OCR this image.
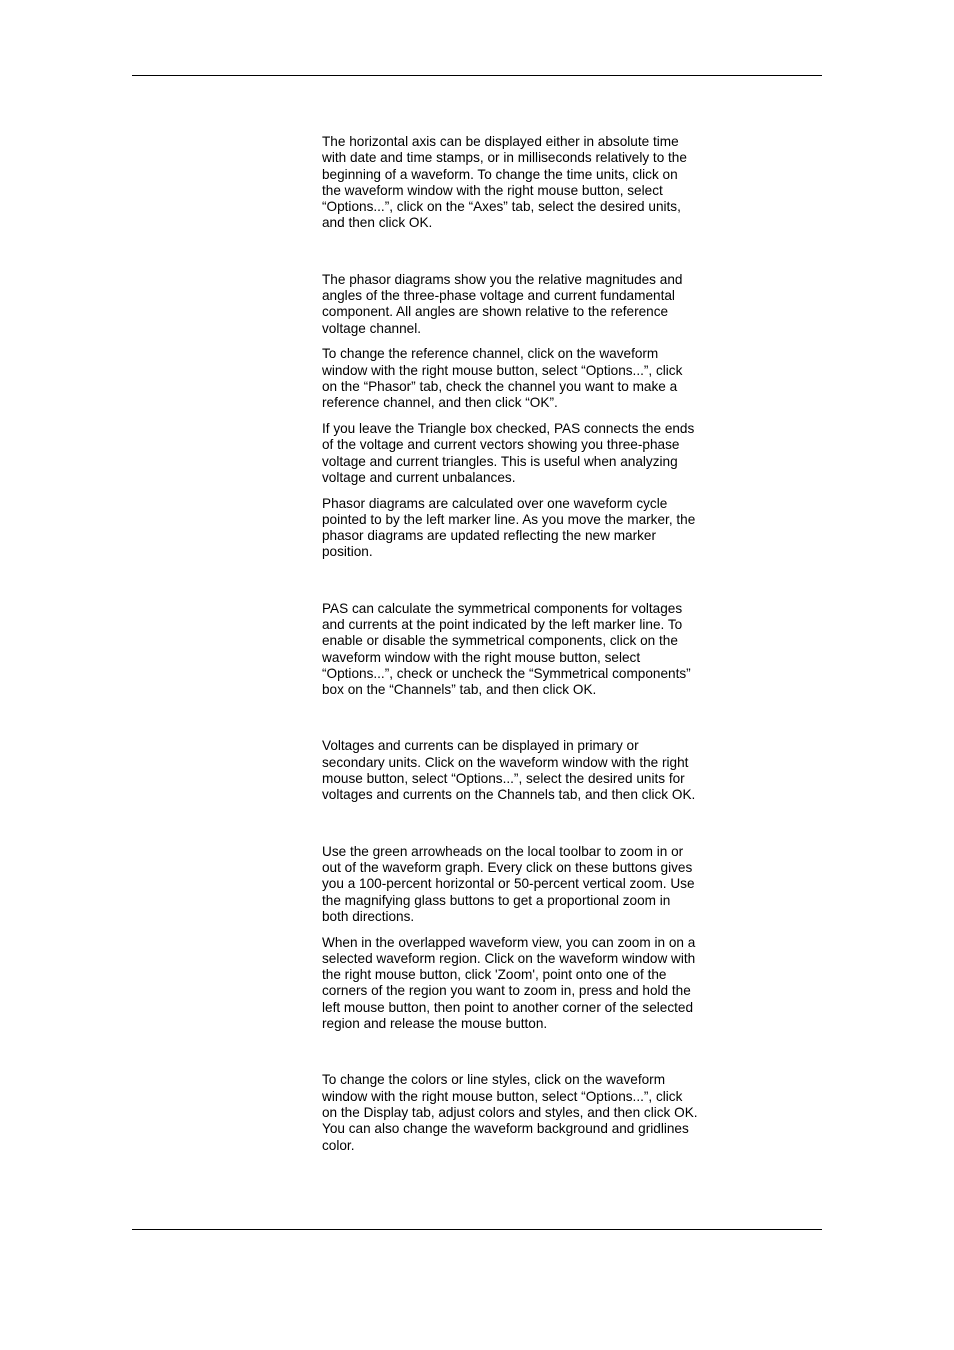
The horizontal axis can be displayed either in absolute time
with date and time stamps, or in milliseconds relatively to the
beginning of a waveform. To change the time units, click on
the waveform window with the right mouse button, select
“Options...”, click on the “Axes” tab, select the desired units,
and then click OK.

The phasor diagrams show you the relative magnitudes and
angles of the three-phase voltage and current fundamental
component. All angles are shown relative to the reference
voltage channel.

To change the reference channel, click on the waveform
window with the right mouse button, select “Options...”, click
on the “Phasor” tab, check the channel you want to make a
reference channel, and then click “OK”.

If you leave the Triangle box checked, PAS connects the ends
of the voltage and current vectors showing you three-phase
voltage and current triangles. This is useful when analyzing
voltage and current unbalances.

Phasor diagrams are calculated over one waveform cycle
pointed to by the left marker line. As you move the marker, the
phasor diagrams are updated reflecting the new marker
position.

PAS can calculate the symmetrical components for voltages
and currents at the point indicated by the left marker line. To
enable or disable the symmetrical components, click on the
waveform window with the right mouse button, select
“Options...”, check or uncheck the “Symmetrical components”
box on the “Channels” tab, and then click OK.

Voltages and currents can be displayed in primary or
secondary units. Click on the waveform window with the right
mouse button, select “Options...”, select the desired units for
voltages and currents on the Channels tab, and then click OK.

Use the green arrowheads on the local toolbar to zoom in or
out of the waveform graph. Every click on these buttons gives
you a 100-percent horizontal or 50-percent vertical zoom. Use
the magnifying glass buttons to get a proportional zoom in
both directions.

When in the overlapped waveform view, you can zoom in on a
selected waveform region. Click on the waveform window with
the right mouse button, click 'Zoom', point onto one of the
corners of the region you want to zoom in, press and hold the
left mouse button, then point to another corner of the selected
region and release the mouse button.

To change the colors or line styles, click on the waveform
window with the right mouse button, select “Options...”, click
on the Display tab, adjust colors and styles, and then click OK.
You can also change the waveform background and gridlines
color.
